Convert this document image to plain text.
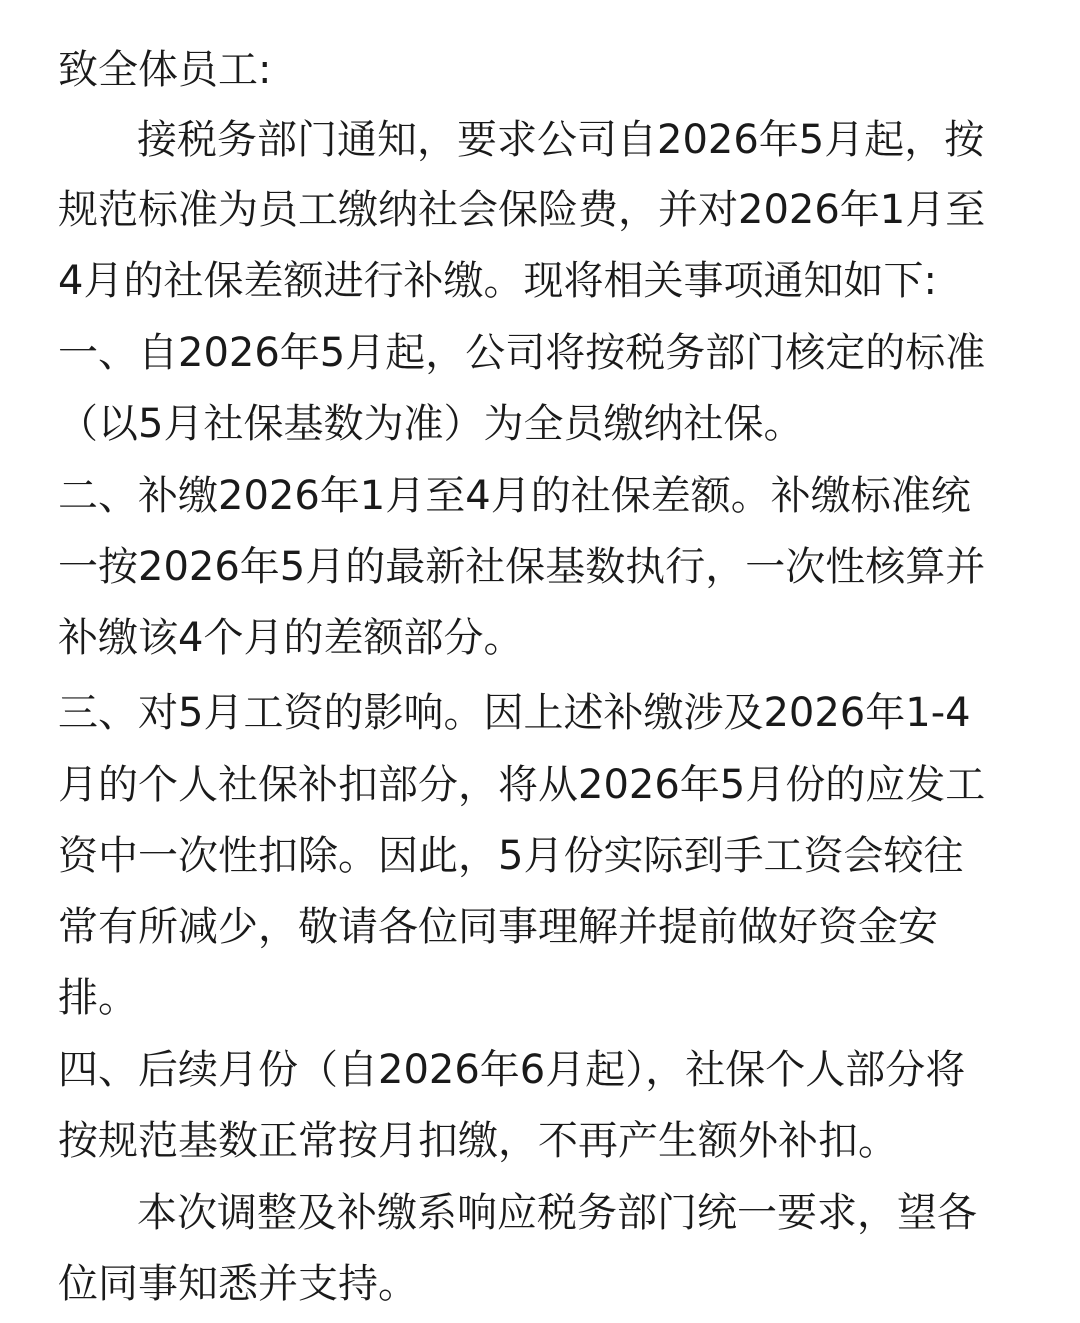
致全体员工:

接税务部门通知，要求公司自2026年5月起，按

规范标准为员工缴纳社会保险费，并对2026年1月至

4月的社保差额进行补缴。现将相关事项通知如下:

一、自2026年5月起，公司将按税务部门核定的标准

（以5月社保基数为准）为全员缴纳社保。

二、补缴2026年1月至4月的社保差额。补缴标准统

一按2026年5月的最新社保基数执行，一次性核算并

补缴该4个月的差额部分。

三、对5月工资的影响。因上述补缴涉及2026年1-4

月的个人社保补扣部分，将从2026年5月份的应发工

资中一次性扣除。因此，5月份实际到手工资会较往

常有所减少，敬请各位同事理解并提前做好资金安

排。

四、后续月份（自2026年6月起），社保个人部分将

按规范基数正常按月扣缴，不再产生额外补扣。

本次调整及补缴系响应税务部门统一要求，望各

位同事知悉并支持。
